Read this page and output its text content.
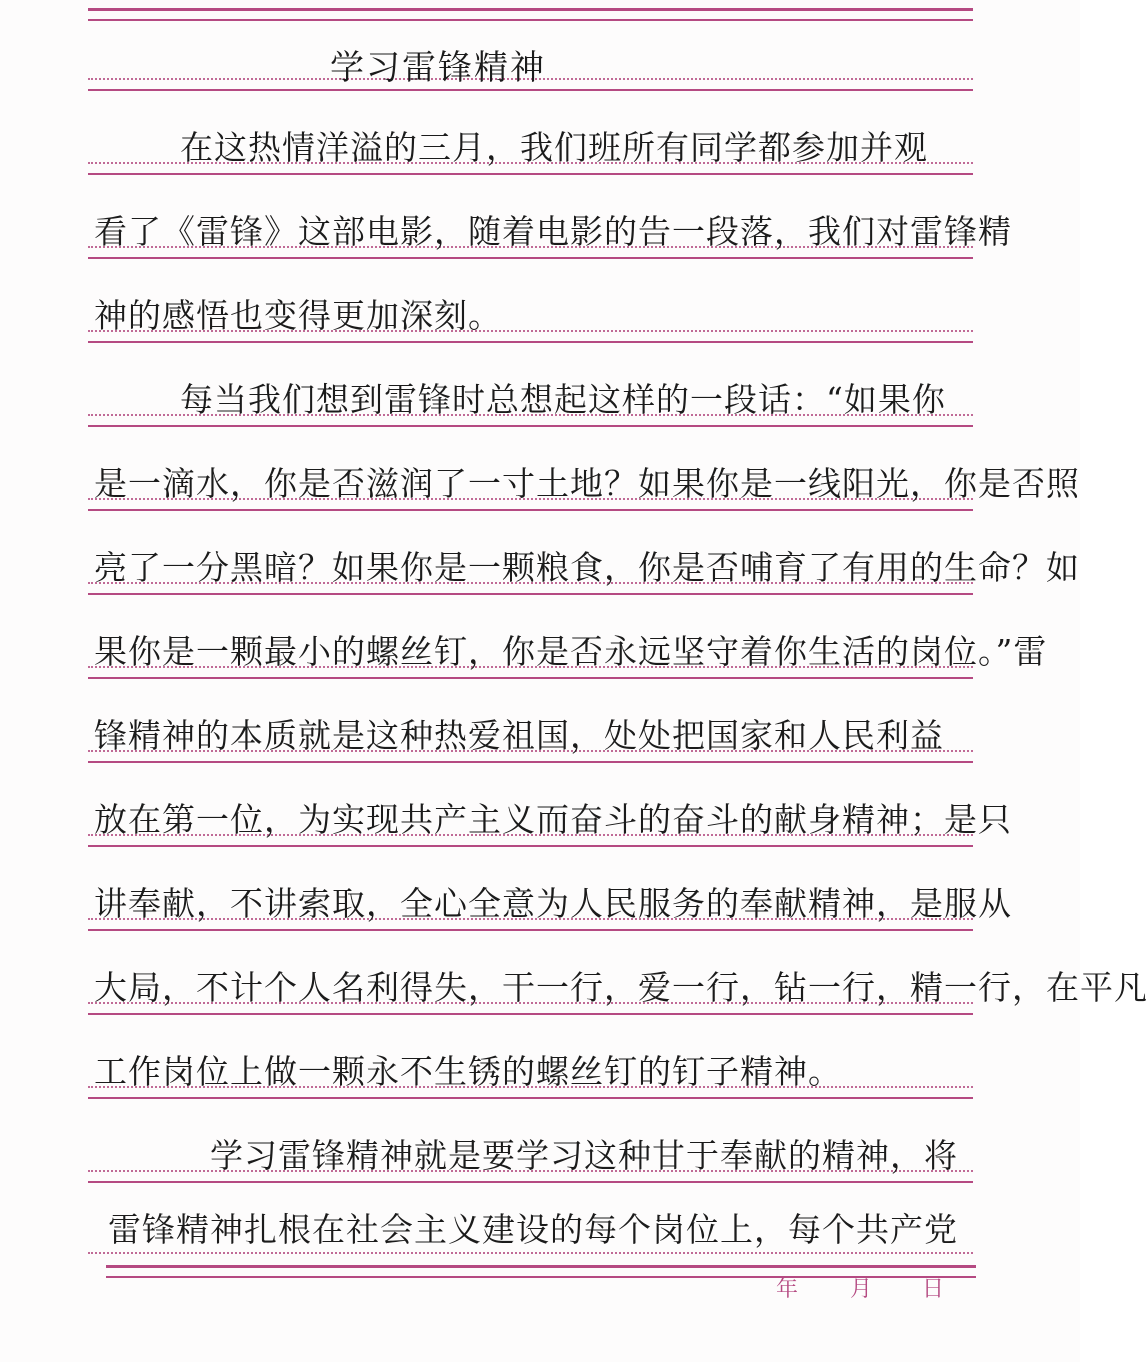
学习雷锋精神
在这热情洋溢的三月，我们班所有同学都参加并观
看了《雷锋》这部电影，随着电影的告一段落，我们对雷锋精
神的感悟也变得更加深刻。
每当我们想到雷锋时总想起这样的一段话：“如果你
是一滴水，你是否滋润了一寸土地？如果你是一线阳光，你是否照
亮了一分黑暗？如果你是一颗粮食，你是否哺育了有用的生命？如
果你是一颗最小的螺丝钉，你是否永远坚守着你生活的岗位。”雷
锋精神的本质就是这种热爱祖国，处处把国家和人民利益
放在第一位，为实现共产主义而奋斗的奋斗的献身精神；是只
讲奉献，不讲索取，全心全意为人民服务的奉献精神，是服从
大局，不计个人名利得失，干一行，爱一行，钻一行，精一行，在平凡
工作岗位上做一颗永不生锈的螺丝钉的钉子精神。
学习雷锋精神就是要学习这种甘于奉献的精神，将
雷锋精神扎根在社会主义建设的每个岗位上，每个共产党
年 月 日
